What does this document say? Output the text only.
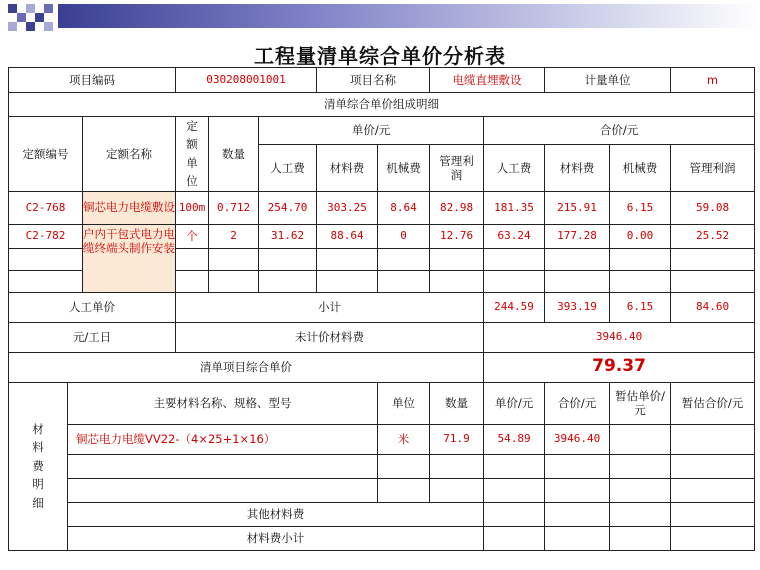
工程量清单综合单价分析表
项目编码			030208001001			项目名称		电缆直埋敷设		计量单位		m
清单综合单价组成明细												
定额编号		定额名称	定额单位	数量	单价/元				合价/元			
					人工费	材料费	机械费	管理利润	人工费	材料费	机械费	管理利润
C2-768		铜芯电力电缆敷设	100m	0.712	254.70	303.25	8.64	82.98	181.35	215.91	6.15	59.08
C2-782		户内干包式电力电缆终端头制作安装	个	2	31.62	88.64	0	12.76	63.24	177.28	0.00	25.52

人工单价			小计						244.59	393.19	6.15	84.60
元/工日			未计价材料费						3946.40			
清单项目综合单价									79.37			
材料费明细	主要材料名称、规格、型号						单位	数量	单价/元	合价/元	暂估单价/元	暂估合价/元
	铜芯电力电缆VV22-（4×25+1×16）						米	71.9	54.89	3946.40		

	其他材料费											
	材料费小计											
